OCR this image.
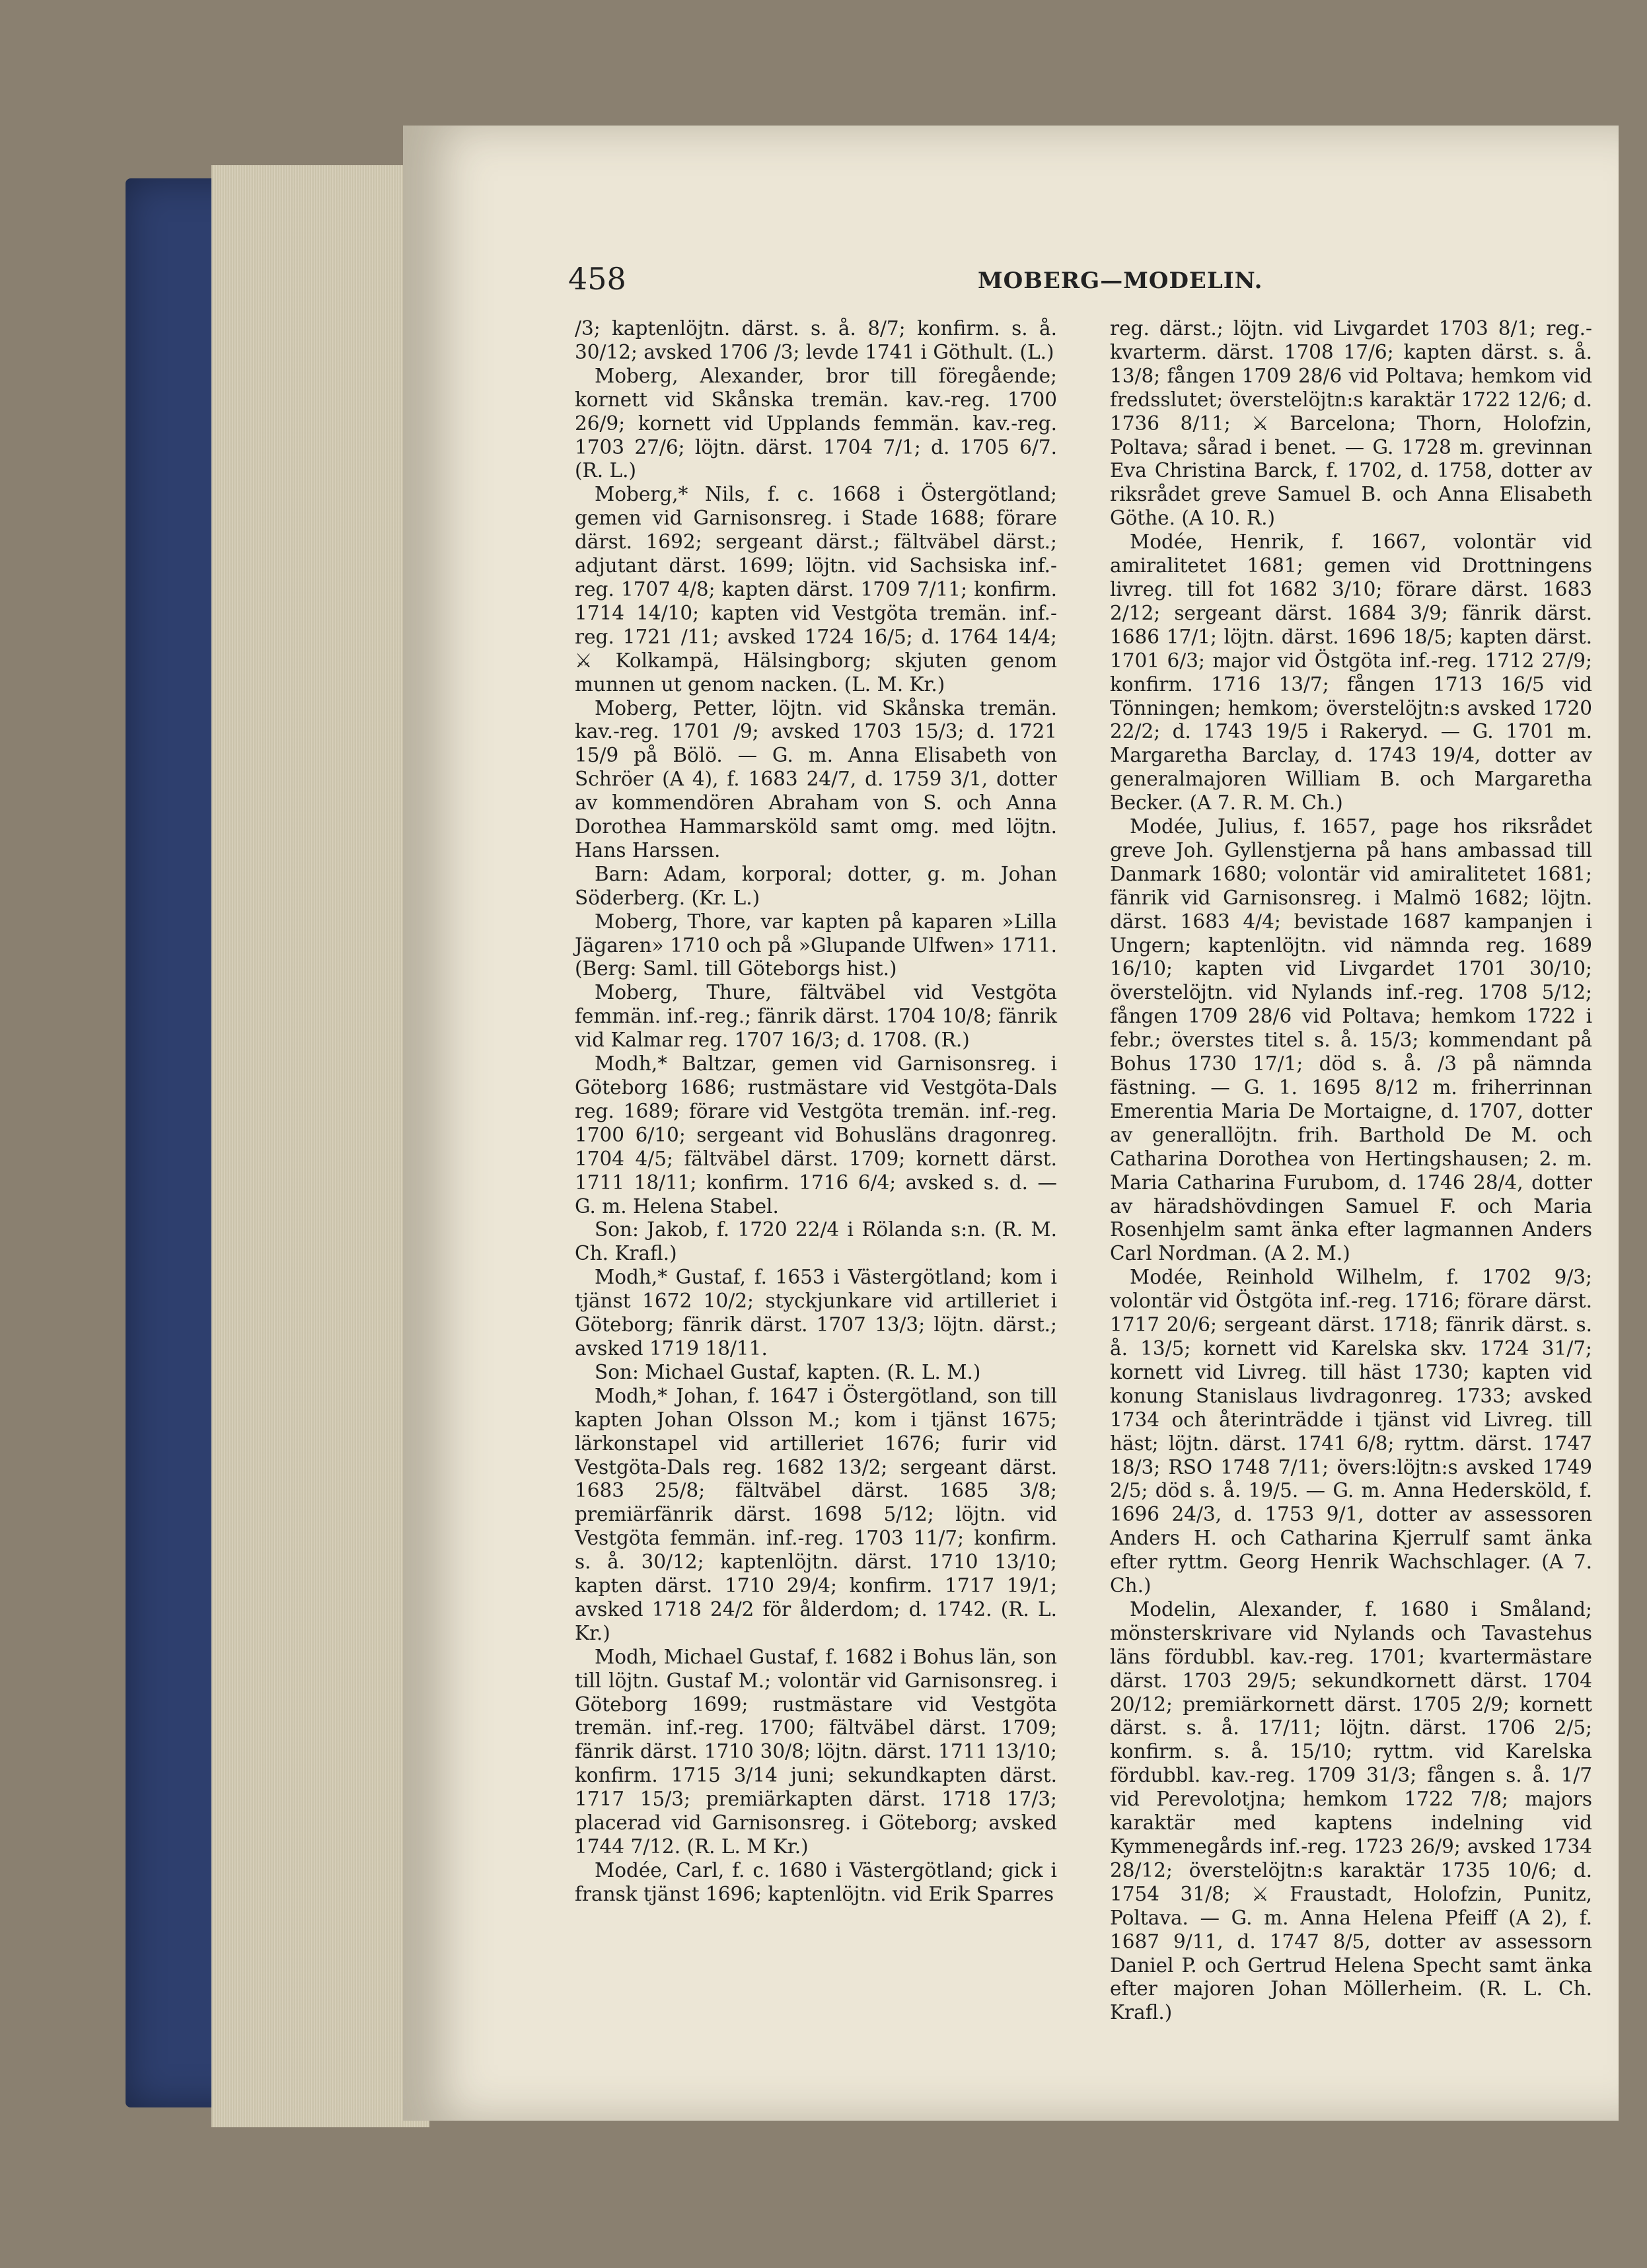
458	MOBERG—MODELIN.

/3; kaptenlöjtn. därst. s. å. 8/7; konfirm. s. å. 30/12; avsked 1706 /3; levde 1741 i Göthult. (L.)

Moberg, Alexander, bror till föregående; kornett vid Skånska tremän. kav.-reg. 1700 26/9; kornett vid Upplands femmän. kav.-reg. 1703 27/6; löjtn. därst. 1704 7/1; d. 1705 6/7. (R. L.)

Moberg,* Nils, f. c. 1668 i Östergötland; gemen vid Garnisonsreg. i Stade 1688; förare därst. 1692; sergeant därst.; fältväbel därst.; adjutant därst. 1699; löjtn. vid Sachsiska inf.-reg. 1707 4/8; kapten därst. 1709 7/11; konfirm. 1714 14/10; kapten vid Vestgöta tremän. inf.-reg. 1721 /11; avsked 1724 16/5; d. 1764 14/4; ⚔ Kolkampä, Hälsingborg; skjuten genom munnen ut genom nacken. (L. M. Kr.)

Moberg, Petter, löjtn. vid Skånska tremän. kav.-reg. 1701 /9; avsked 1703 15/3; d. 1721 15/9 på Bölö. — G. m. Anna Elisabeth von Schröer (A 4), f. 1683 24/7, d. 1759 3/1, dotter av kommendören Abraham von S. och Anna Dorothea Hammarsköld samt omg. med löjtn. Hans Harssen.

Barn: Adam, korporal; dotter, g. m. Johan Söderberg. (Kr. L.)

Moberg, Thore, var kapten på kaparen »Lilla Jägaren» 1710 och på »Glupande Ulfwen» 1711. (Berg: Saml. till Göteborgs hist.)

Moberg, Thure, fältväbel vid Vestgöta femmän. inf.-reg.; fänrik därst. 1704 10/8; fänrik vid Kalmar reg. 1707 16/3; d. 1708. (R.)

Modh,* Baltzar, gemen vid Garnisonsreg. i Göteborg 1686; rustmästare vid Vestgöta-Dals reg. 1689; förare vid Vestgöta tremän. inf.-reg. 1700 6/10; sergeant vid Bohusläns dragonreg. 1704 4/5; fältväbel därst. 1709; kornett därst. 1711 18/11; konfirm. 1716 6/4; avsked s. d. — G. m. Helena Stabel.

Son: Jakob, f. 1720 22/4 i Rölanda s:n. (R. M. Ch. Krafl.)

Modh,* Gustaf, f. 1653 i Västergötland; kom i tjänst 1672 10/2; styckjunkare vid artilleriet i Göteborg; fänrik därst. 1707 13/3; löjtn. därst.; avsked 1719 18/11.

Son: Michael Gustaf, kapten. (R. L. M.)

Modh,* Johan, f. 1647 i Östergötland, son till kapten Johan Olsson M.; kom i tjänst 1675; lärkonstapel vid artilleriet 1676; furir vid Vestgöta-Dals reg. 1682 13/2; sergeant därst. 1683 25/8; fältväbel därst. 1685 3/8; premiärfänrik därst. 1698 5/12; löjtn. vid Vestgöta femmän. inf.-reg. 1703 11/7; konfirm. s. å. 30/12; kaptenlöjtn. därst. 1710 13/10; kapten därst. 1710 29/4; konfirm. 1717 19/1; avsked 1718 24/2 för ålderdom; d. 1742. (R. L. Kr.)

Modh, Michael Gustaf, f. 1682 i Bohus län, son till löjtn. Gustaf M.; volontär vid Garnisonsreg. i Göteborg 1699; rustmästare vid Vestgöta tremän. inf.-reg. 1700; fältväbel därst. 1709; fänrik därst. 1710 30/8; löjtn. därst. 1711 13/10; konfirm. 1715 3/14 juni; sekundkapten därst. 1717 15/3; premiärkapten därst. 1718 17/3; placerad vid Garnisonsreg. i Göteborg; avsked 1744 7/12. (R. L. M Kr.)

Modée, Carl, f. c. 1680 i Västergötland; gick i fransk tjänst 1696; kaptenlöjtn. vid Erik Sparres

reg. därst.; löjtn. vid Livgardet 1703 8/1; reg.-kvarterm. därst. 1708 17/6; kapten därst. s. å. 13/8; fången 1709 28/6 vid Poltava; hemkom vid fredsslutet; överstelöjtn:s karaktär 1722 12/6; d. 1736 8/11; ⚔ Barcelona; Thorn, Holofzin, Poltava; sårad i benet. — G. 1728 m. grevinnan Eva Christina Barck, f. 1702, d. 1758, dotter av riksrådet greve Samuel B. och Anna Elisabeth Göthe. (A 10. R.)

Modée, Henrik, f. 1667, volontär vid amiralitetet 1681; gemen vid Drottningens livreg. till fot 1682 3/10; förare därst. 1683 2/12; sergeant därst. 1684 3/9; fänrik därst. 1686 17/1; löjtn. därst. 1696 18/5; kapten därst. 1701 6/3; major vid Östgöta inf.-reg. 1712 27/9; konfirm. 1716 13/7; fången 1713 16/5 vid Tönningen; hemkom; överstelöjtn:s avsked 1720 22/2; d. 1743 19/5 i Rakeryd. — G. 1701 m. Margaretha Barclay, d. 1743 19/4, dotter av generalmajoren William B. och Margaretha Becker. (A 7. R. M. Ch.)

Modée, Julius, f. 1657, page hos riksrådet greve Joh. Gyllenstjerna på hans ambassad till Danmark 1680; volontär vid amiralitetet 1681; fänrik vid Garnisonsreg. i Malmö 1682; löjtn. därst. 1683 4/4; bevistade 1687 kampanjen i Ungern; kaptenlöjtn. vid nämnda reg. 1689 16/10; kapten vid Livgardet 1701 30/10; överstelöjtn. vid Nylands inf.-reg. 1708 5/12; fången 1709 28/6 vid Poltava; hemkom 1722 i febr.; överstes titel s. å. 15/3; kommendant på Bohus 1730 17/1; död s. å. /3 på nämnda fästning. — G. 1. 1695 8/12 m. friherrinnan Emerentia Maria De Mortaigne, d. 1707, dotter av generallöjtn. frih. Barthold De M. och Catharina Dorothea von Hertingshausen; 2. m. Maria Catharina Furubom, d. 1746 28/4, dotter av häradshövdingen Samuel F. och Maria Rosenhjelm samt änka efter lagmannen Anders Carl Nordman. (A 2. M.)

Modée, Reinhold Wilhelm, f. 1702 9/3; volontär vid Östgöta inf.-reg. 1716; förare därst. 1717 20/6; sergeant därst. 1718; fänrik därst. s. å. 13/5; kornett vid Karelska skv. 1724 31/7; kornett vid Livreg. till häst 1730; kapten vid konung Stanislaus livdragonreg. 1733; avsked 1734 och återinträdde i tjänst vid Livreg. till häst; löjtn. därst. 1741 6/8; ryttm. därst. 1747 18/3; RSO 1748 7/11; övers:löjtn:s avsked 1749 2/5; död s. å. 19/5. — G. m. Anna Hedersköld, f. 1696 24/3, d. 1753 9/1, dotter av assessoren Anders H. och Catharina Kjerrulf samt änka efter ryttm. Georg Henrik Wachschlager. (A 7. Ch.)

Modelin, Alexander, f. 1680 i Småland; mönsterskrivare vid Nylands och Tavastehus läns fördubbl. kav.-reg. 1701; kvartermästare därst. 1703 29/5; sekundkornett därst. 1704 20/12; premiärkornett därst. 1705 2/9; kornett därst. s. å. 17/11; löjtn. därst. 1706 2/5; konfirm. s. å. 15/10; ryttm. vid Karelska fördubbl. kav.-reg. 1709 31/3; fången s. å. 1/7 vid Perevolotjna; hemkom 1722 7/8; majors karaktär med kaptens indelning vid Kymmenegårds inf.-reg. 1723 26/9; avsked 1734 28/12; överstelöjtn:s karaktär 1735 10/6; d. 1754 31/8; ⚔ Fraustadt, Holofzin, Punitz, Poltava. — G. m. Anna Helena Pfeiff (A 2), f. 1687 9/11, d. 1747 8/5, dotter av assessorn Daniel P. och Gertrud Helena Specht samt änka efter majoren Johan Möllerheim. (R. L. Ch. Krafl.)
